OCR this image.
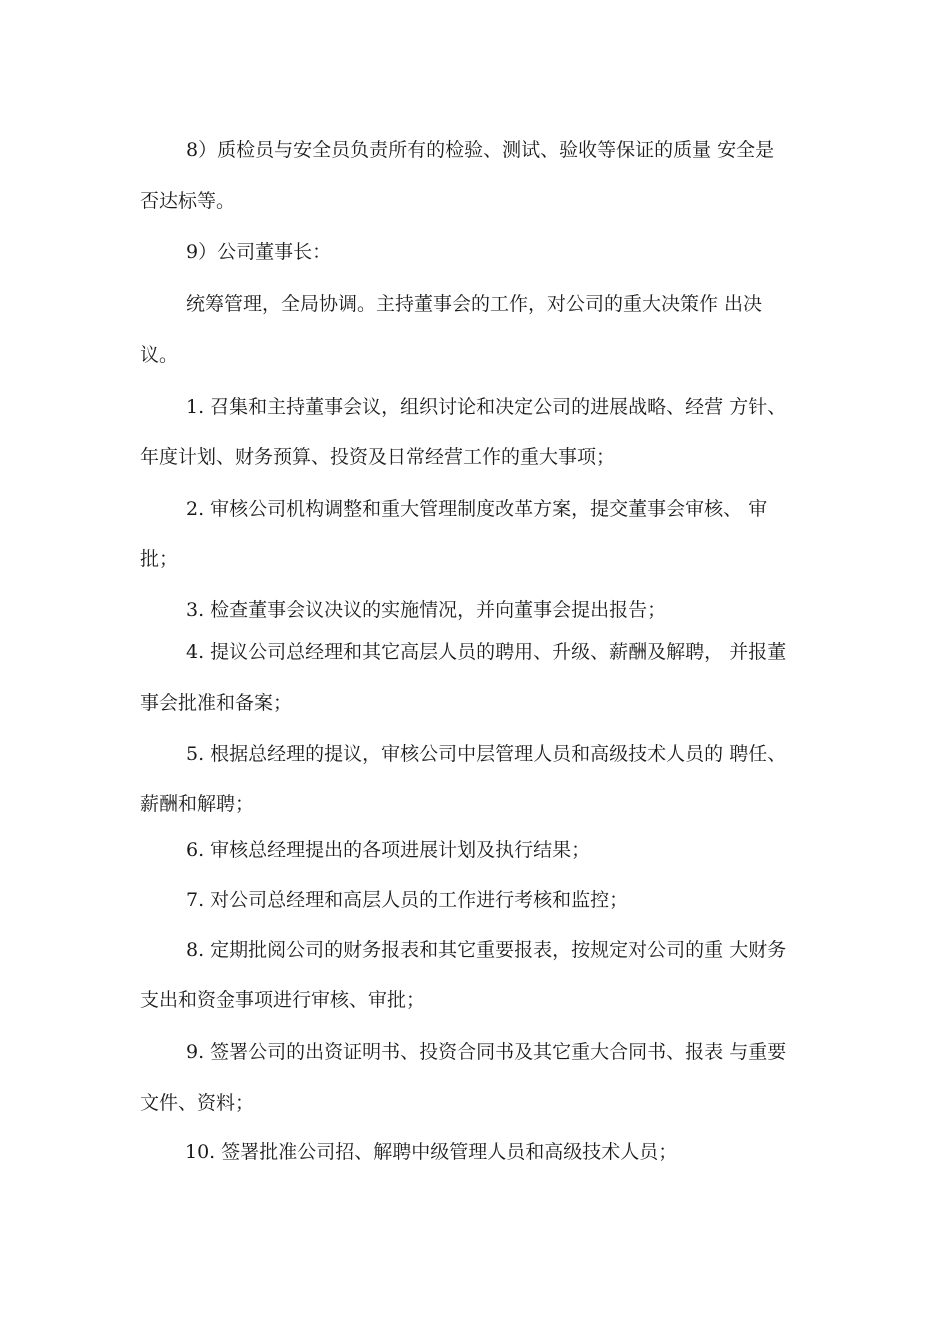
8）质检员与安全员负责所有的检验、测试、验收等保证的质量 安全是
否达标等。
9）公司董事长：
统筹管理，全局协调。主持董事会的工作，对公司的重大决策作 出决
议。
1. 召集和主持董事会议，组织讨论和决定公司的进展战略、经营 方针、
年度计划、财务预算、投资及日常经营工作的重大事项；
2. 审核公司机构调整和重大管理制度改革方案，提交董事会审核、 审
批；
3. 检查董事会议决议的实施情况，并向董事会提出报告；
4. 提议公司总经理和其它高层人员的聘用、升级、薪酬及解聘， 并报董
事会批准和备案；
5. 根据总经理的提议，审核公司中层管理人员和高级技术人员的 聘任、
薪酬和解聘；
6. 审核总经理提出的各项进展计划及执行结果；
7. 对公司总经理和高层人员的工作进行考核和监控；
8. 定期批阅公司的财务报表和其它重要报表，按规定对公司的重 大财务
支出和资金事项进行审核、审批；
9. 签署公司的出资证明书、投资合同书及其它重大合同书、报表 与重要
文件、资料；
10. 签署批准公司招、解聘中级管理人员和高级技术人员；
